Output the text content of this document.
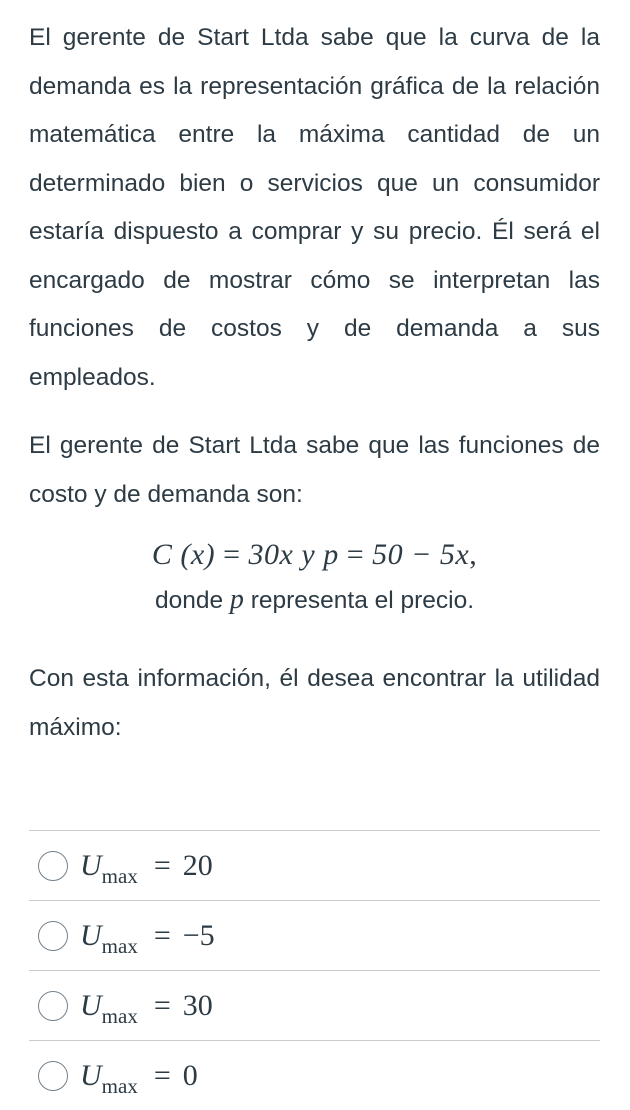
El gerente de Start Ltda sabe que la curva de la demanda es la representación gráfica de la relación matemática entre la máxima cantidad de un determinado bien o servicios que un consumidor estaría dispuesto a comprar y su precio. Él será el encargado de mostrar cómo se interpretan las funciones de costos y de demanda a sus empleados.

El gerente de Start Ltda sabe que las funciones de costo y de demanda son:

C (x) = 30x y p = 50 − 5x,
donde p representa el precio.

Con esta información, él desea encontrar la utilidad máximo:

$U_{max} = 20$
$U_{max} = -5$
$U_{max} = 30$
$U_{max} = 0$
